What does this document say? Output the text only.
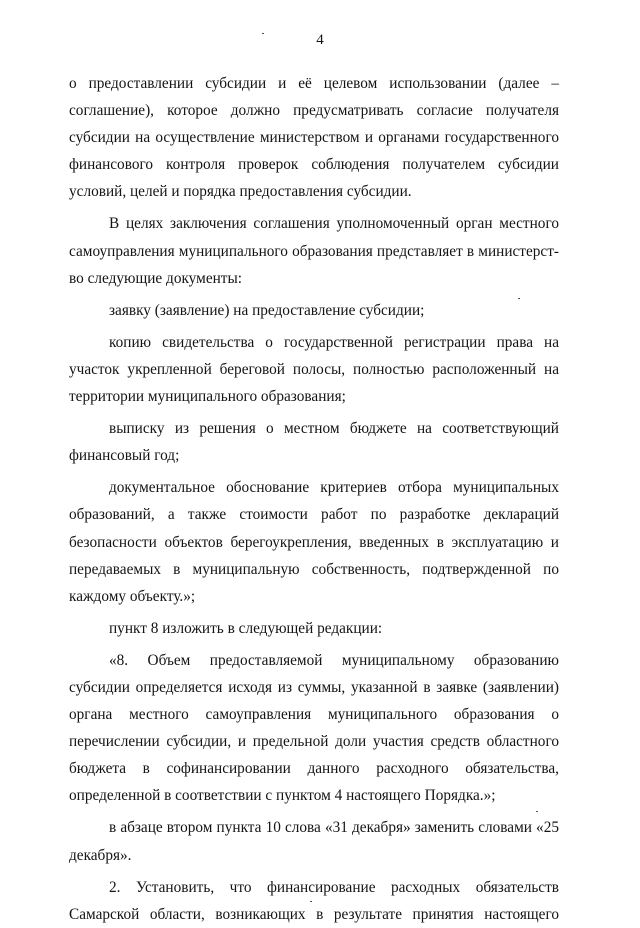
4

о предоставлении субсидии и её целевом использовании (далее – соглашение), которое должно предусматривать согласие получателя субсидии на осуществление министерством и органами государственного финансового контроля проверок соблюдения получателем субсидии условий, целей и порядка предоставления субсидии.

В целях заключения соглашения уполномоченный орган местного самоуправления муниципального образования представляет в министерст-во следующие документы:

заявку (заявление) на предоставление субсидии;

копию свидетельства о государственной регистрации права на участок укрепленной береговой полосы, полностью расположенный на территории муниципального образования;

выписку из решения о местном бюджете на соответствующий финансовый год;

документальное обоснование критериев отбора муниципальных образований, а также стоимости работ по разработке деклараций безопасности объектов берегоукрепления, введенных в эксплуатацию и передаваемых в муниципальную собственность, подтвержденной по каждому объекту.»;

пункт 8 изложить в следующей редакции:

«8. Объем предоставляемой муниципальному образованию субсидии определяется исходя из суммы, указанной в заявке (заявлении) органа местного самоуправления муниципального образования о перечислении субсидии, и предельной доли участия средств областного бюджета в софинансировании данного расходного обязательства, определенной в соответствии с пунктом 4 настоящего Порядка.»;

в абзаце втором пункта 10 слова «31 декабря» заменить словами «25 декабря».

2. Установить, что финансирование расходных обязательств Самарской области, возникающих в результате принятия настоящего
